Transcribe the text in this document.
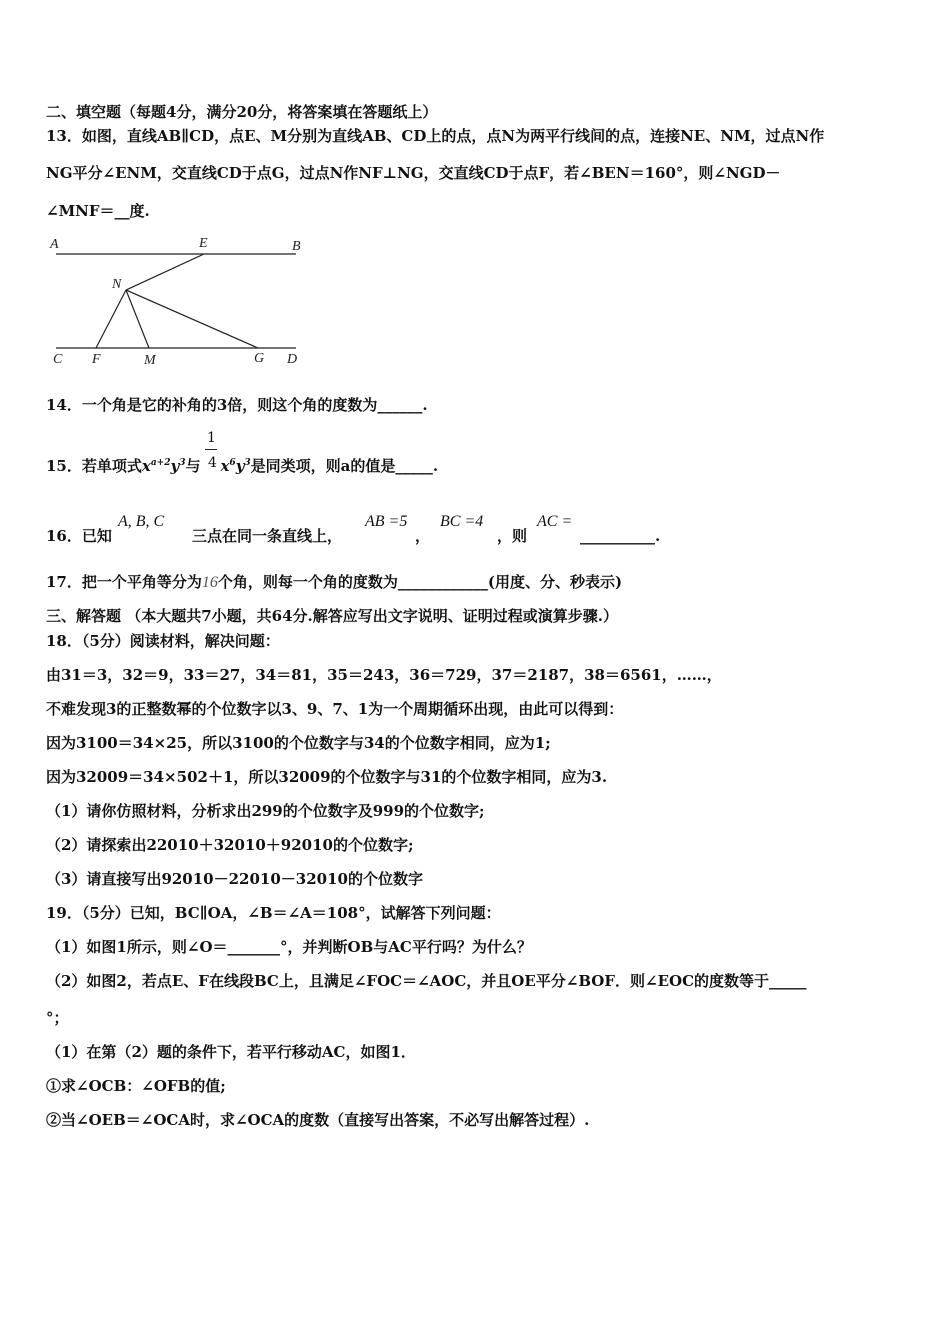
二、填空题（每题4分，满分20分，将答案填在答题纸上）
13．如图，直线AB∥CD，点E、M分别为直线AB、CD上的点，点N为两平行线间的点，连接NE、NM，过点N作
NG平分∠ENM，交直线CD于点G，过点N作NF⊥NG，交直线CD于点F，若∠BEN＝160°，则∠NGD－
∠MNF＝__度.
A	E	B
N
C F	M	G D
14．一个角是它的补角的3倍，则这个角的度数为______.
15．若单项式$x^{a+2}y^3$与 $x^6y^3$是同类项，则a的值是_____.
1
4
16．已知
A, B, C
三点在同一条直线上，
AB =5
，
BC =4
，则
AC =
__________.
17．把一个平角等分为16个角，则每一个角的度数为____________(用度、分、秒表示)
三、解答题 （本大题共7小题，共64分.解答应写出文字说明、证明过程或演算步骤.）
18．（5分）阅读材料，解决问题：
由31＝3，32＝9，33＝27，34＝81，35＝243，36＝729，37＝2187，38＝6561，……，
不难发现3的正整数幂的个位数字以3、9、7、1为一个周期循环出现，由此可以得到：
因为3100＝34×25，所以3100的个位数字与34的个位数字相同，应为1;
因为32009＝34×502＋1，所以32009的个位数字与31的个位数字相同，应为3.
（1）请你仿照材料，分析求出299的个位数字及999的个位数字;
（2）请探索出22010＋32010＋92010的个位数字;
（3）请直接写出92010－22010－32010的个位数字
19．（5分）已知，BC∥OA，∠B＝∠A＝108°，试解答下列问题：
（1）如图1所示，则∠O＝_______°，并判断OB与AC平行吗？为什么？
（2）如图2，若点E、F在线段BC上，且满足∠FOC＝∠AOC，并且OE平分∠BOF．则∠EOC的度数等于_____
°；
（1）在第（2）题的条件下，若平行移动AC，如图1．
①求∠OCB：∠OFB的值;
②当∠OEB＝∠OCA时，求∠OCA的度数（直接写出答案，不必写出解答过程）.
